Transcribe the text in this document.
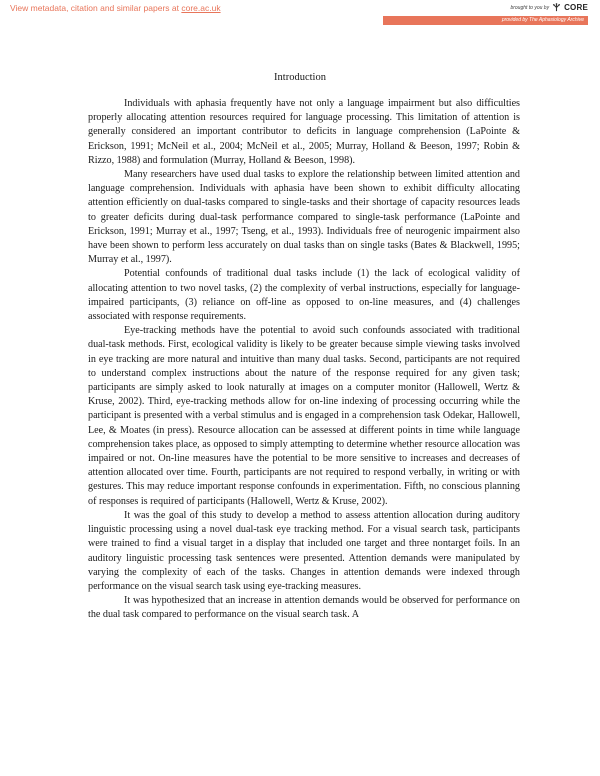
View metadata, citation and similar papers at core.ac.uk	brought to you by CORE
provided by The Aphasiology Archive
Introduction

Individuals with aphasia frequently have not only a language impairment but also difficulties properly allocating attention resources required for language processing. This limitation of attention is generally considered an important contributor to deficits in language comprehension (LaPointe & Erickson, 1991; McNeil et al., 2004; McNeil et al., 2005; Murray, Holland & Beeson, 1997; Robin & Rizzo, 1988) and formulation (Murray, Holland & Beeson, 1998).

Many researchers have used dual tasks to explore the relationship between limited attention and language comprehension. Individuals with aphasia have been shown to exhibit difficulty allocating attention efficiently on dual-tasks compared to single-tasks and their shortage of capacity resources leads to greater deficits during dual-task performance compared to single-task performance (LaPointe and Erickson, 1991; Murray et al., 1997; Tseng, et al., 1993). Individuals free of neurogenic impairment also have been shown to perform less accurately on dual tasks than on single tasks (Bates & Blackwell, 1995; Murray et al., 1997).

Potential confounds of traditional dual tasks include (1) the lack of ecological validity of allocating attention to two novel tasks, (2) the complexity of verbal instructions, especially for language-impaired participants, (3) reliance on off-line as opposed to on-line measures, and (4) challenges associated with response requirements.

Eye-tracking methods have the potential to avoid such confounds associated with traditional dual-task methods. First, ecological validity is likely to be greater because simple viewing tasks involved in eye tracking are more natural and intuitive than many dual tasks. Second, participants are not required to understand complex instructions about the nature of the response required for any given task; participants are simply asked to look naturally at images on a computer monitor (Hallowell, Wertz & Kruse, 2002). Third, eye-tracking methods allow for on-line indexing of processing occurring while the participant is presented with a verbal stimulus and is engaged in a comprehension task Odekar, Hallowell, Lee, & Moates (in press). Resource allocation can be assessed at different points in time while language comprehension takes place, as opposed to simply attempting to determine whether resource allocation was impaired or not. On-line measures have the potential to be more sensitive to increases and decreases of attention allocated over time. Fourth, participants are not required to respond verbally, in writing or with gestures. This may reduce important response confounds in experimentation. Fifth, no conscious planning of responses is required of participants (Hallowell, Wertz & Kruse, 2002).

It was the goal of this study to develop a method to assess attention allocation during auditory linguistic processing using a novel dual-task eye tracking method. For a visual search task, participants were trained to find a visual target in a display that included one target and three nontarget foils. In an auditory linguistic processing task sentences were presented. Attention demands were manipulated by varying the complexity of each of the tasks. Changes in attention demands were indexed through performance on the visual search task using eye-tracking measures.

It was hypothesized that an increase in attention demands would be observed for performance on the dual task compared to performance on the visual search task. A
